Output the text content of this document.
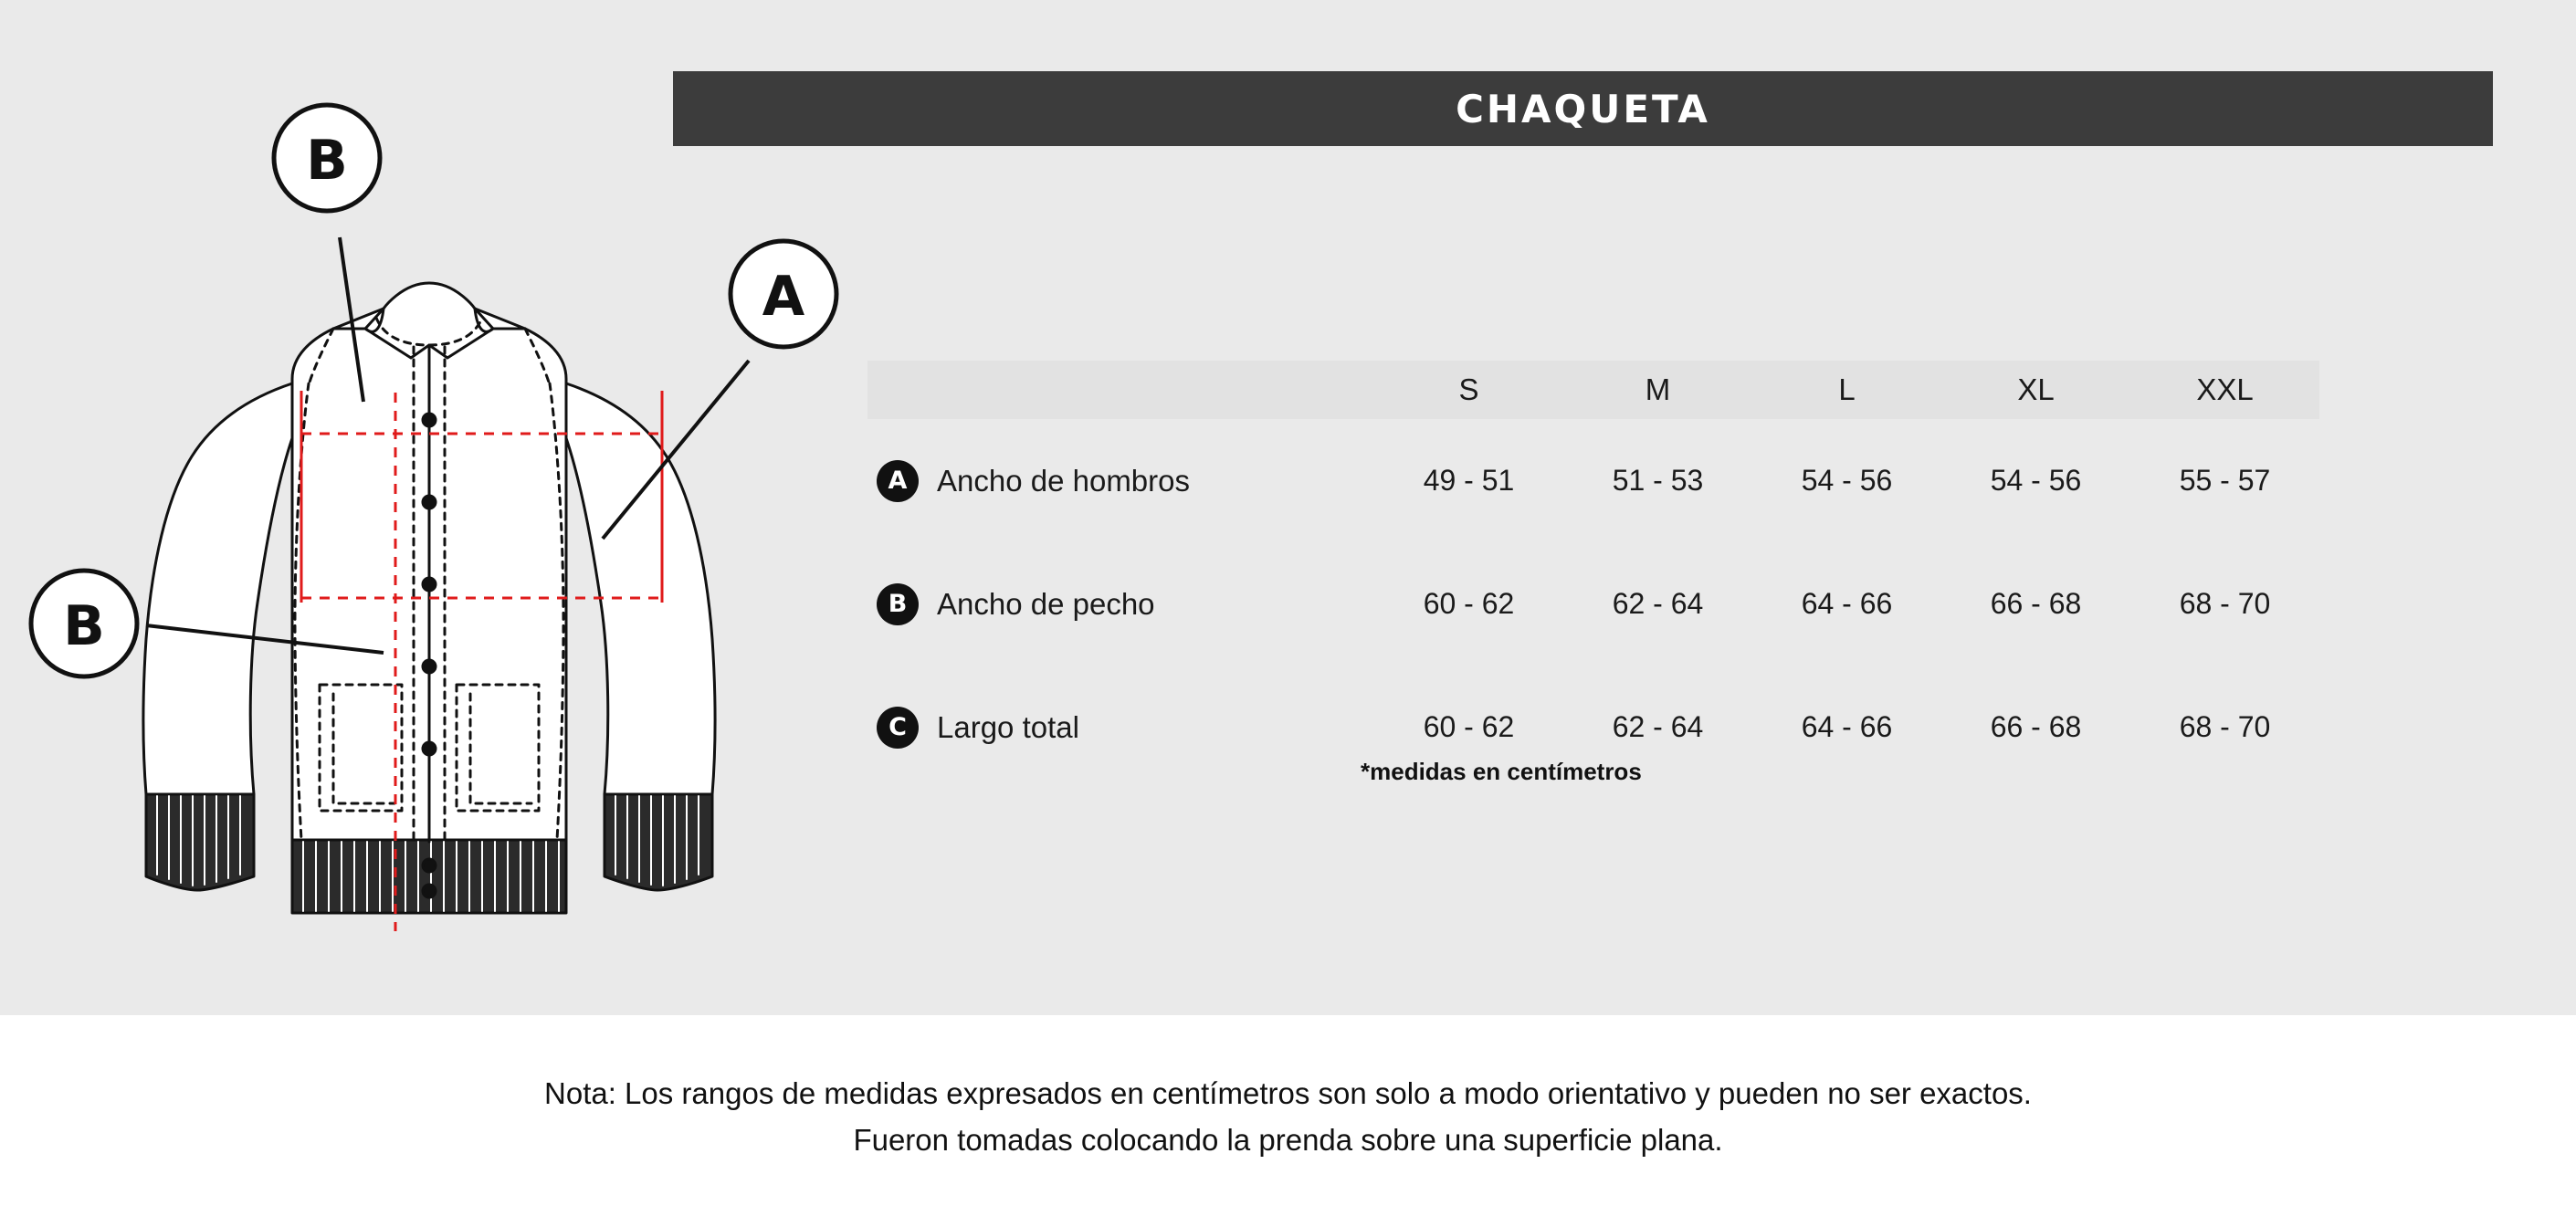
CHAQUETA
B
A
B
	S	M	L	XL	XXL

A Ancho de hombros	49 - 51	51 - 53	54 - 56	54 - 56	55 - 57

B Ancho de pecho	60 - 62	62 - 64	64 - 66	66 - 68	68 - 70

C Largo total	60 - 62	62 - 64	64 - 66	66 - 68	68 - 70
*medidas en centímetros
Nota: Los rangos de medidas expresados en centímetros son solo a modo orientativo y pueden no ser exactos.
Fueron tomadas colocando la prenda sobre una superficie plana.
